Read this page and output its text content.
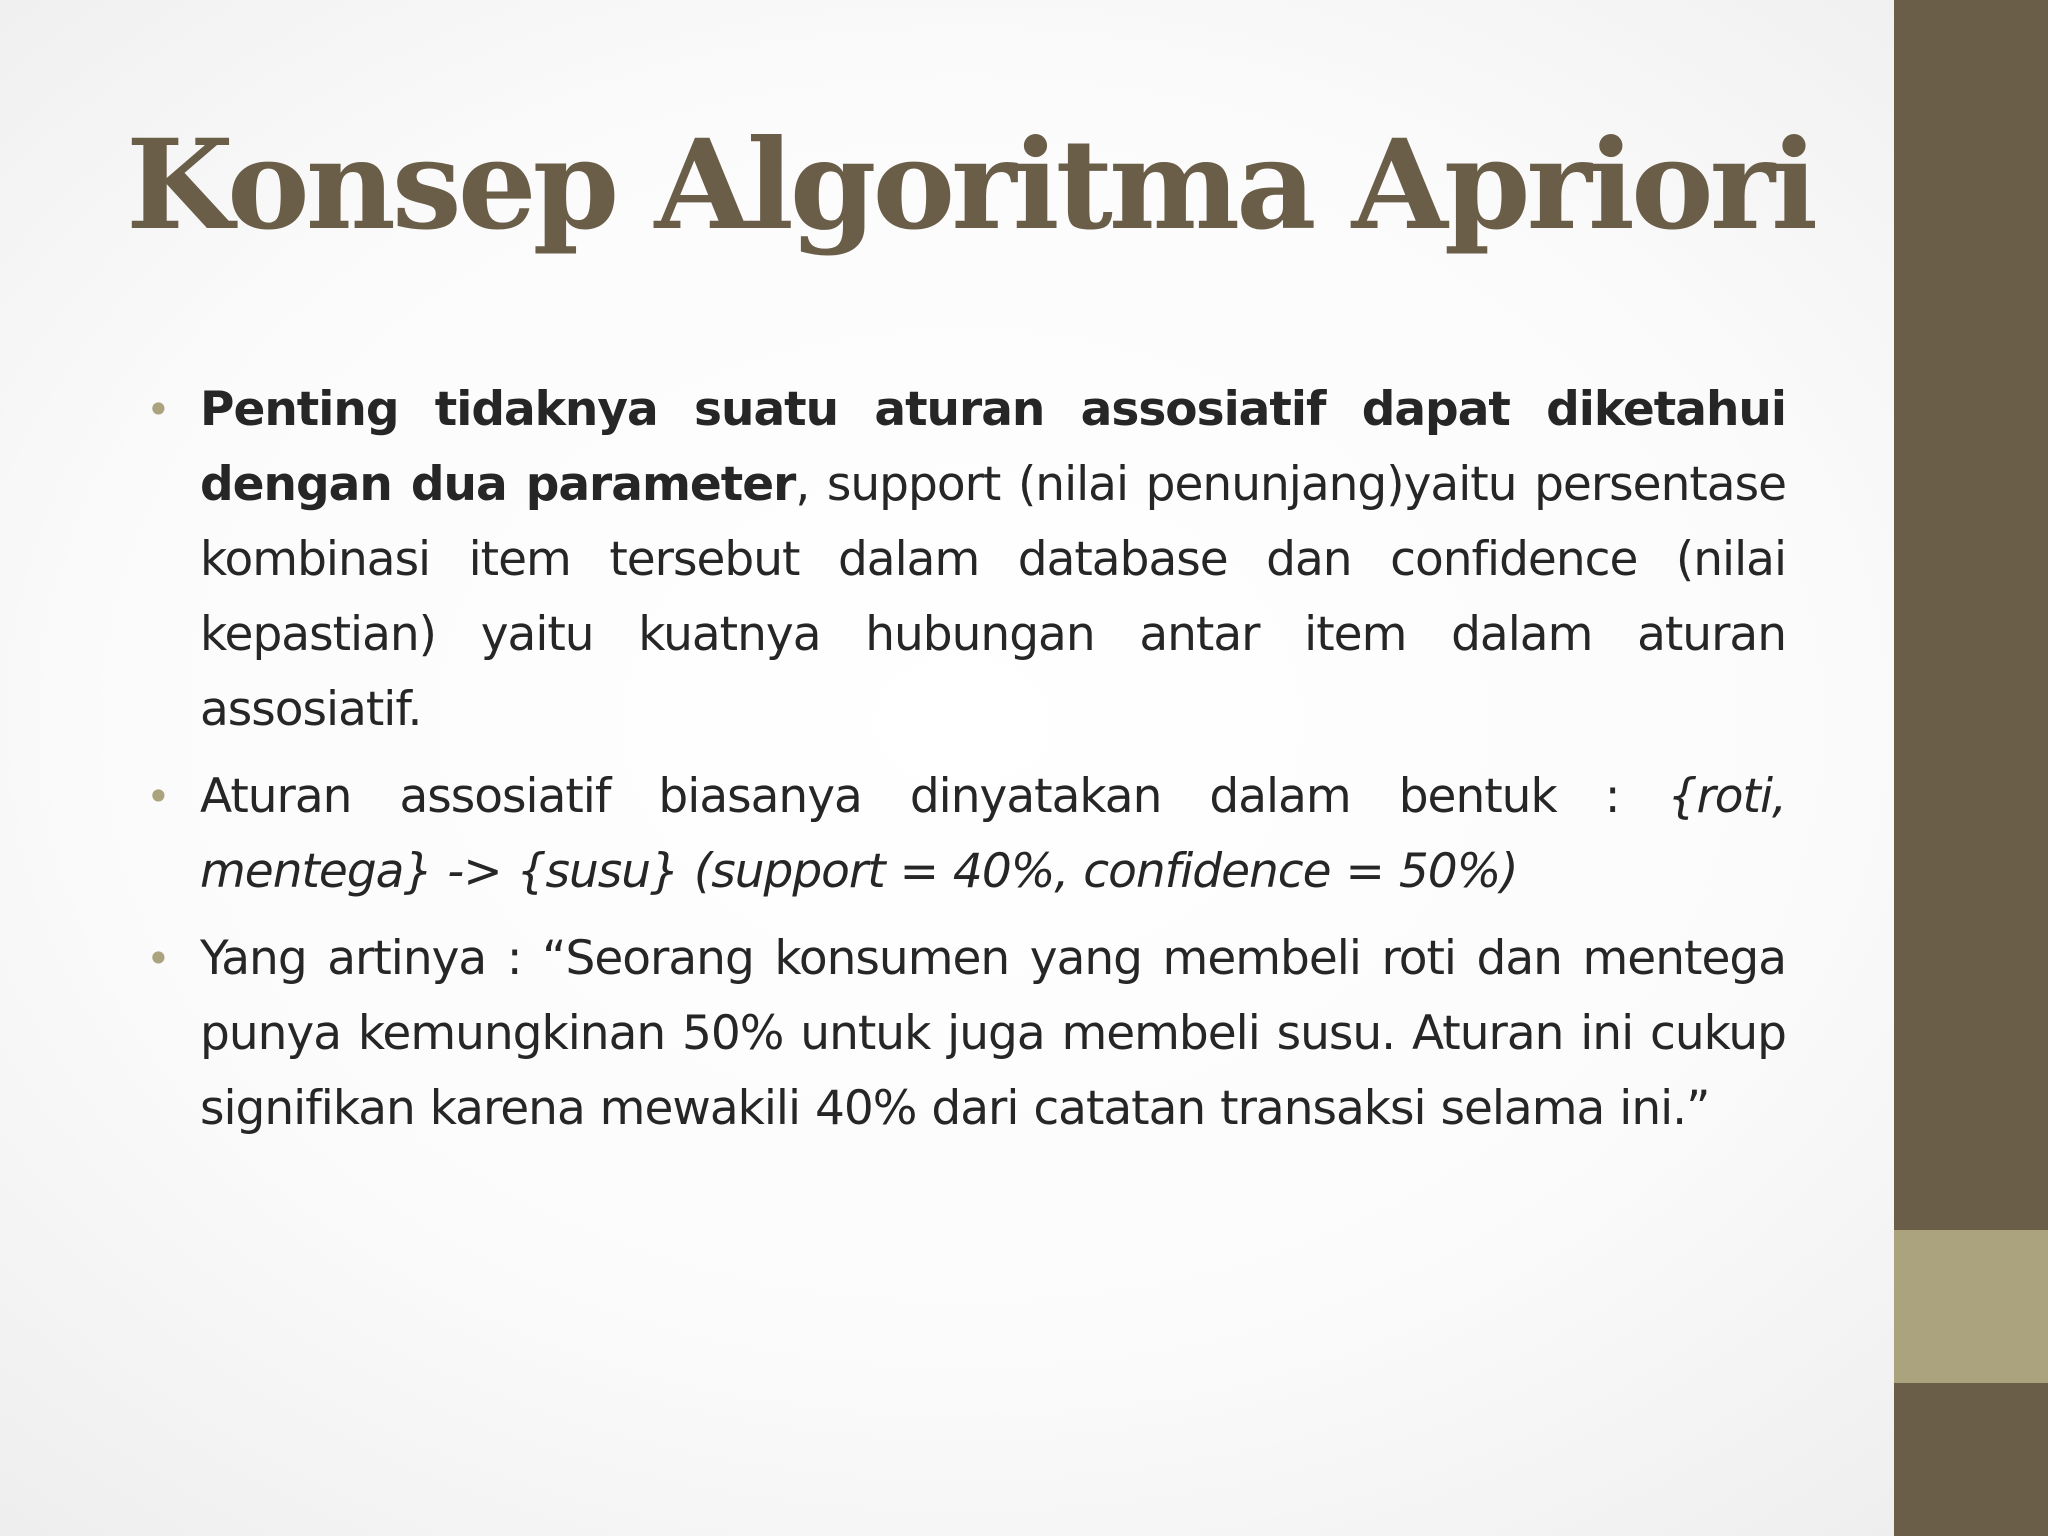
Konsep Algoritma Apriori
• Penting tidaknya suatu aturan assosiatif dapat diketahui dengan dua parameter, support (nilai penunjang)yaitu persentase kombinasi item tersebut dalam database dan confidence (nilai kepastian) yaitu kuatnya hubungan antar item dalam aturan assosiatif.
• Aturan assosiatif biasanya dinyatakan dalam bentuk : {roti, mentega} -> {susu} (support = 40%, confidence = 50%)
• Yang artinya : “Seorang konsumen yang membeli roti dan mentega punya kemungkinan 50% untuk juga membeli susu. Aturan ini cukup signifikan karena mewakili 40% dari catatan transaksi selama ini.”
